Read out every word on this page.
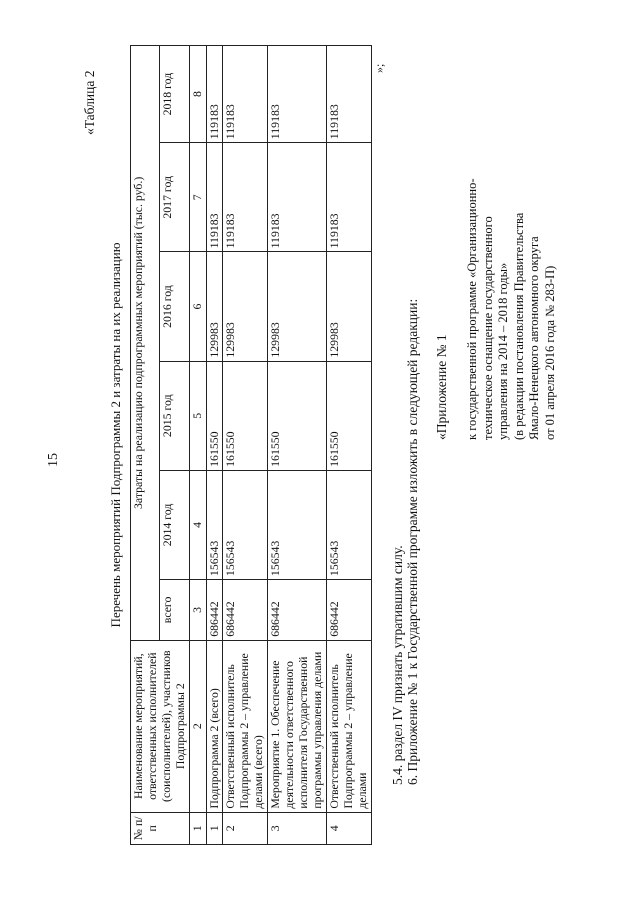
15
«Таблица 2
Перечень мероприятий Подпрограммы 2 и затраты на их реализацию
№ п/п	Наименование мероприятий, ответственных исполнителей (соисполнителей), участников Подпрограммы 2	Затраты на реализацию подпрограммных мероприятий (тыс. руб.)					
		всего	2014 год	2015 год	2016 год	2017 год	2018 год
1	2	3	4	5	6	7	8
1	Подпрограмма 2 (всего)	686442	156543	161550	129983	119183	119183
2	Ответственный исполнитель Подпрограммы 2 – управление делами (всего)	686442	156543	161550	129983	119183	119183
3	Мероприятие 1. Обеспечение деятельности ответственного исполнителя Государственной программы управления делами	686442	156543	161550	129983	119183	119183
4	Ответственный исполнитель Подпрограммы 2 – управление делами	686442	156543	161550	129983	119183	119183
»;
5.4. раздел IV признать утратившим силу. 6. Приложение № 1 к Государственной программе изложить в следующей редакции: «Приложение № 1 к государственной программе «Организационно- техническое оснащение государственного управления на 2014 – 2018 годы» (в редакции постановления Правительства Ямало-Ненецкого автономного округа от 01 апреля 2016 года № 283-П)
